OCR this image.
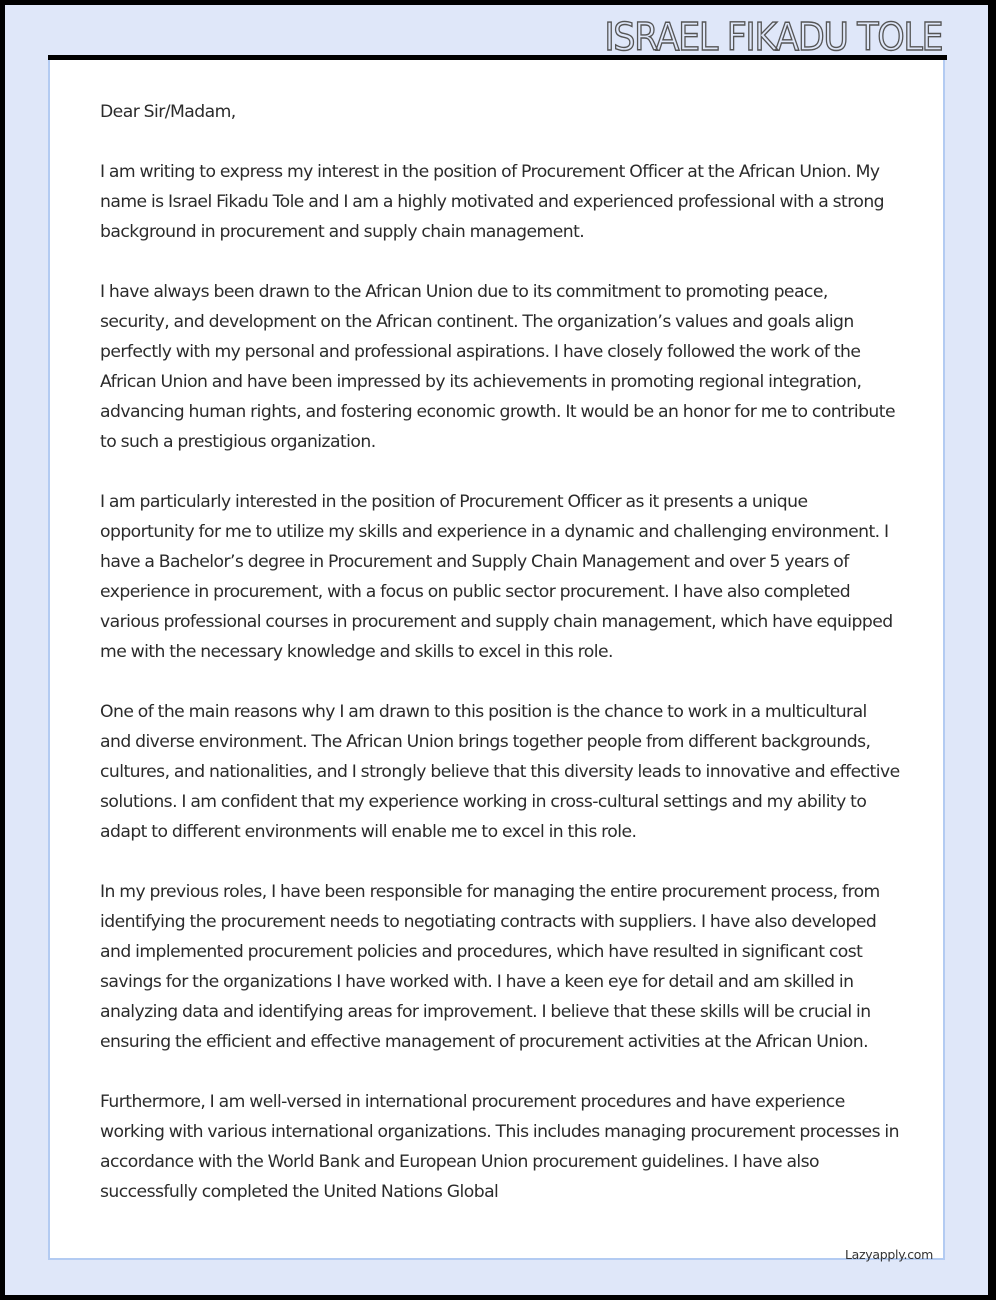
ISRAEL FIKADU TOLE

Dear Sir/Madam,

I am writing to express my interest in the position of Procurement Officer at the African Union. My name is Israel Fikadu Tole and I am a highly motivated and experienced professional with a strong background in procurement and supply chain management.

I have always been drawn to the African Union due to its commitment to promoting peace, security, and development on the African continent. The organization’s values and goals align perfectly with my personal and professional aspirations. I have closely followed the work of the African Union and have been impressed by its achievements in promoting regional integration, advancing human rights, and fostering economic growth. It would be an honor for me to contribute to such a prestigious organization.

I am particularly interested in the position of Procurement Officer as it presents a unique opportunity for me to utilize my skills and experience in a dynamic and challenging environment. I have a Bachelor’s degree in Procurement and Supply Chain Management and over 5 years of experience in procurement, with a focus on public sector procurement. I have also completed various professional courses in procurement and supply chain management, which have equipped me with the necessary knowledge and skills to excel in this role.

One of the main reasons why I am drawn to this position is the chance to work in a multicultural and diverse environment. The African Union brings together people from different backgrounds, cultures, and nationalities, and I strongly believe that this diversity leads to innovative and effective solutions. I am confident that my experience working in cross-cultural settings and my ability to adapt to different environments will enable me to excel in this role.

In my previous roles, I have been responsible for managing the entire procurement process, from identifying the procurement needs to negotiating contracts with suppliers. I have also developed and implemented procurement policies and procedures, which have resulted in significant cost savings for the organizations I have worked with. I have a keen eye for detail and am skilled in analyzing data and identifying areas for improvement. I believe that these skills will be crucial in ensuring the efficient and effective management of procurement activities at the African Union.

Furthermore, I am well-versed in international procurement procedures and have experience working with various international organizations. This includes managing procurement processes in accordance with the World Bank and European Union procurement guidelines. I have also successfully completed the United Nations Global

Lazyapply.com
